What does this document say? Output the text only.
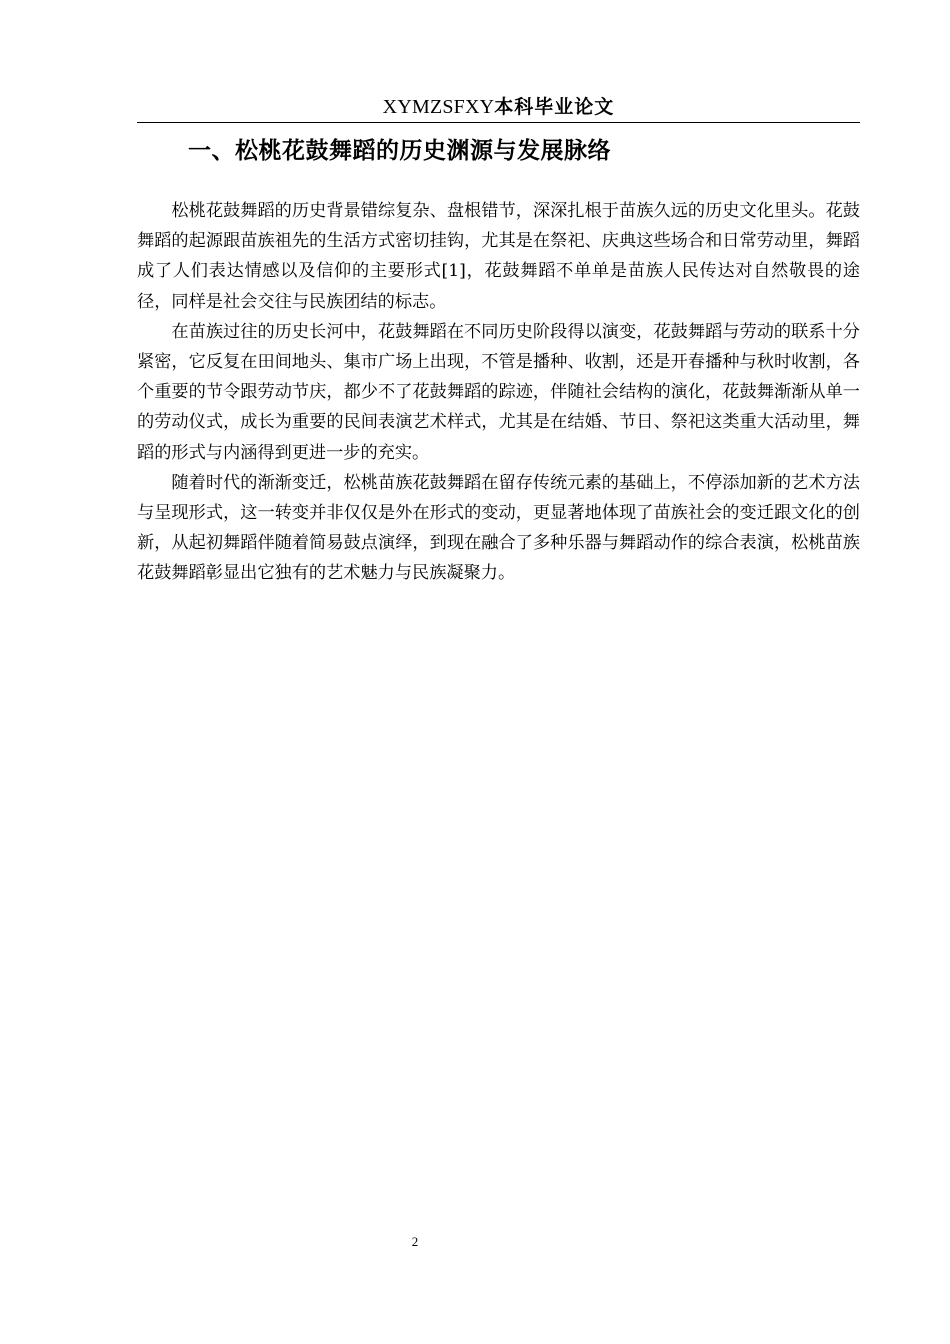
XYMZSFXY本科毕业论文
一、松桃花鼓舞蹈的历史渊源与发展脉络

松桃花鼓舞蹈的历史背景错综复杂、盘根错节，深深扎根于苗族久远的历史文化里头。花鼓舞蹈的起源跟苗族祖先的生活方式密切挂钩，尤其是在祭祀、庆典这些场合和日常劳动里，舞蹈成了人们表达情感以及信仰的主要形式[1]，花鼓舞蹈不单单是苗族人民传达对自然敬畏的途径，同样是社会交往与民族团结的标志。

在苗族过往的历史长河中，花鼓舞蹈在不同历史阶段得以演变，花鼓舞蹈与劳动的联系十分紧密，它反复在田间地头、集市广场上出现，不管是播种、收割，还是开春播种与秋时收割，各个重要的节令跟劳动节庆，都少不了花鼓舞蹈的踪迹，伴随社会结构的演化，花鼓舞渐渐从单一的劳动仪式，成长为重要的民间表演艺术样式，尤其是在结婚、节日、祭祀这类重大活动里，舞蹈的形式与内涵得到更进一步的充实。

随着时代的渐渐变迁，松桃苗族花鼓舞蹈在留存传统元素的基础上，不停添加新的艺术方法与呈现形式，这一转变并非仅仅是外在形式的变动，更显著地体现了苗族社会的变迁跟文化的创新，从起初舞蹈伴随着简易鼓点演绎，到现在融合了多种乐器与舞蹈动作的综合表演，松桃苗族花鼓舞蹈彰显出它独有的艺术魅力与民族凝聚力。

2
